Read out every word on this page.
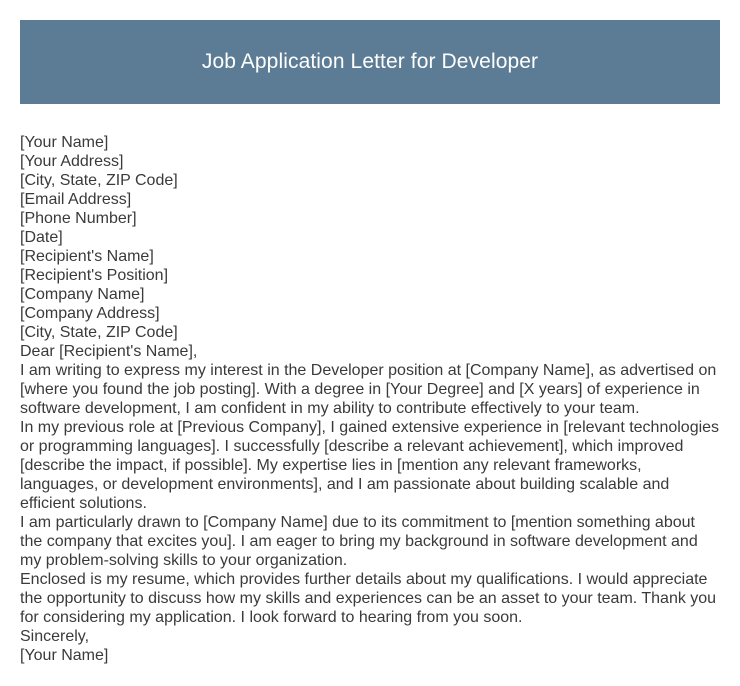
Job Application Letter for Developer
[Your Name]
[Your Address]
[City, State, ZIP Code]
[Email Address]
[Phone Number]
[Date]
[Recipient's Name]
[Recipient's Position]
[Company Name]
[Company Address]
[City, State, ZIP Code]
Dear [Recipient's Name],
I am writing to express my interest in the Developer position at [Company Name], as advertised on [where you found the job posting]. With a degree in [Your Degree] and [X years] of experience in software development, I am confident in my ability to contribute effectively to your team.
In my previous role at [Previous Company], I gained extensive experience in [relevant technologies or programming languages]. I successfully [describe a relevant achievement], which improved [describe the impact, if possible]. My expertise lies in [mention any relevant frameworks, languages, or development environments], and I am passionate about building scalable and efficient solutions.
I am particularly drawn to [Company Name] due to its commitment to [mention something about the company that excites you]. I am eager to bring my background in software development and my problem-solving skills to your organization.
Enclosed is my resume, which provides further details about my qualifications. I would appreciate the opportunity to discuss how my skills and experiences can be an asset to your team. Thank you for considering my application. I look forward to hearing from you soon.
Sincerely,
[Your Name]
